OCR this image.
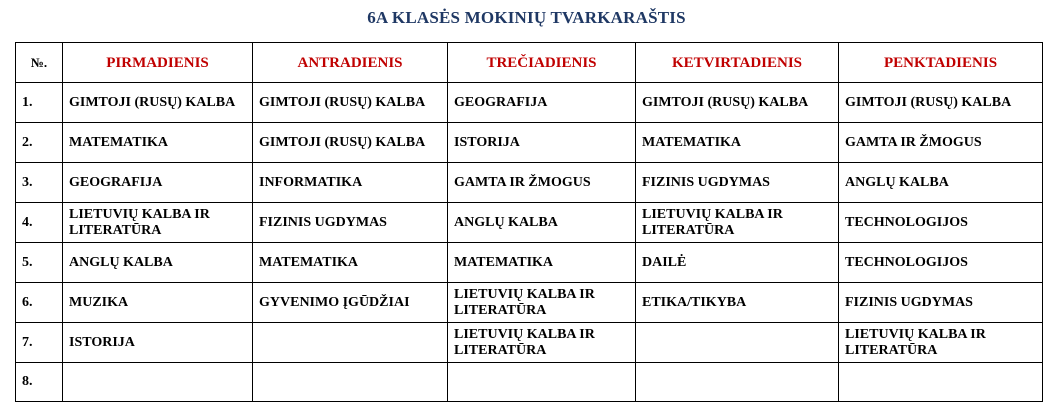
6A KLASĖS MOKINIŲ TVARKARAŠTIS
№.	PIRMADIENIS	ANTRADIENIS	TREČIADIENIS	KETVIRTADIENIS	PENKTADIENIS
1.	GIMTOJI (RUSŲ) KALBA	GIMTOJI (RUSŲ) KALBA	GEOGRAFIJA	GIMTOJI (RUSŲ) KALBA	GIMTOJI (RUSŲ) KALBA
2.	MATEMATIKA	GIMTOJI (RUSŲ) KALBA	ISTORIJA	MATEMATIKA	GAMTA IR ŽMOGUS
3.	GEOGRAFIJA	INFORMATIKA	GAMTA IR ŽMOGUS	FIZINIS UGDYMAS	ANGLŲ KALBA
4.	LIETUVIŲ KALBA IR LITERATŪRA	FIZINIS UGDYMAS	ANGLŲ KALBA	LIETUVIŲ KALBA IR LITERATŪRA	TECHNOLOGIJOS
5.	ANGLŲ KALBA	MATEMATIKA	MATEMATIKA	DAILĖ	TECHNOLOGIJOS
6.	MUZIKA	GYVENIMO ĮGŪDŽIAI	LIETUVIŲ KALBA IR LITERATŪRA	ETIKA/TIKYBA	FIZINIS UGDYMAS
7.	ISTORIJA		LIETUVIŲ KALBA IR LITERATŪRA		LIETUVIŲ KALBA IR LITERATŪRA
8.					
